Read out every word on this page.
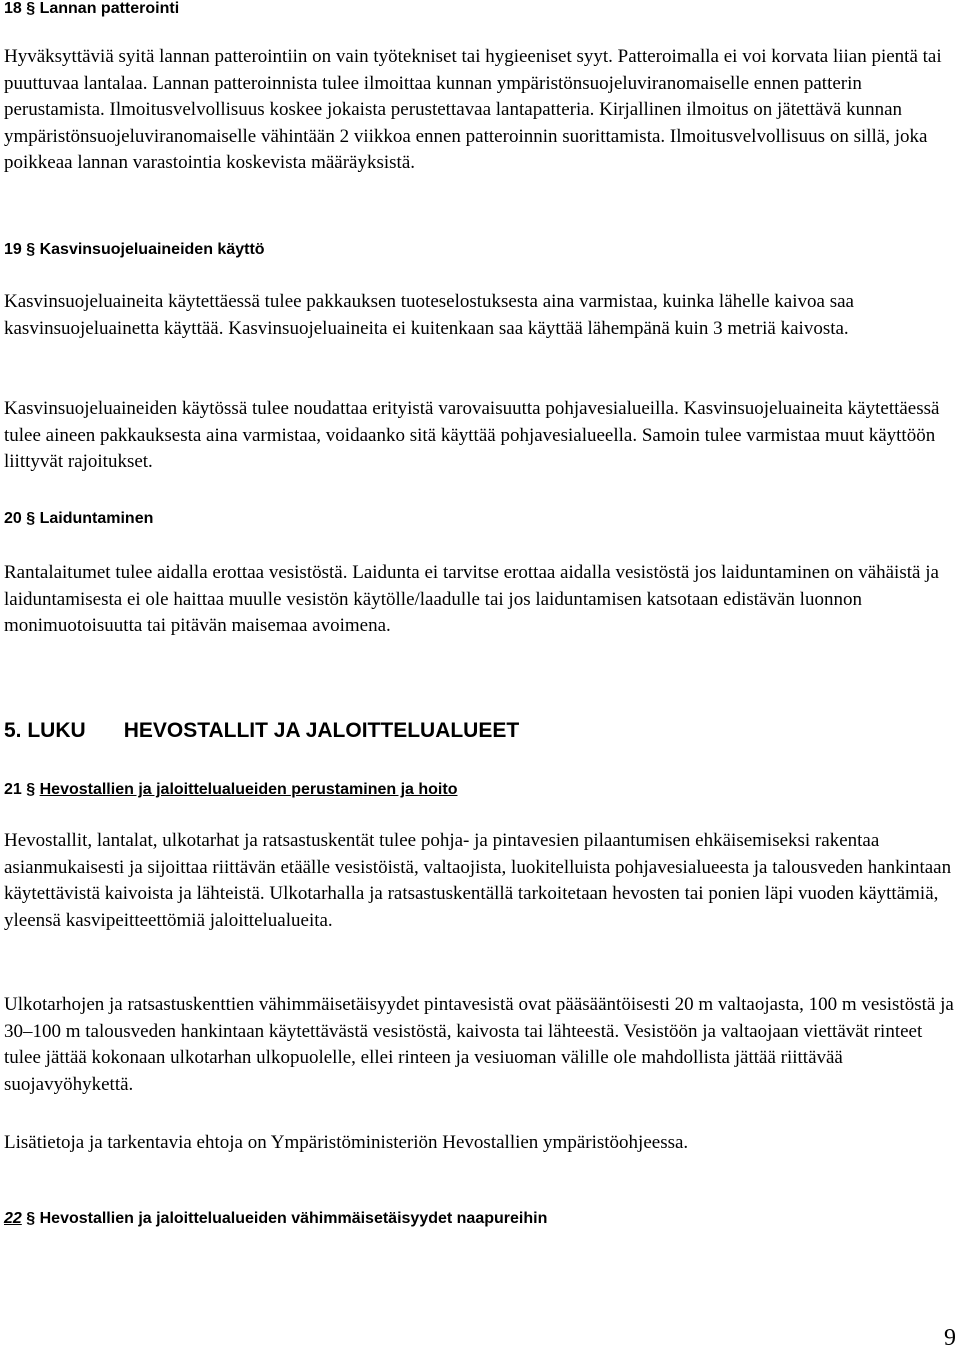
18 § Lannan patterointi

Hyväksyttäviä syitä lannan patterointiin on vain työtekniset tai hygieeniset syyt. Patteroimalla ei voi korvata liian pientä tai puuttuvaa lantalaa. Lannan patteroinnista tulee ilmoittaa kunnan ympäristönsuojeluviranomaiselle ennen patterin perustamista. Ilmoitusvelvollisuus koskee jokaista perustettavaa lantapatteria. Kirjallinen ilmoitus on jätettävä kunnan ympäristönsuojeluviranomaiselle vähintään 2 viikkoa ennen patteroinnin suorittamista. Ilmoitusvelvollisuus on sillä, joka poikkeaa lannan varastointia koskevista määräyksistä.

19 § Kasvinsuojeluaineiden käyttö

Kasvinsuojeluaineita käytettäessä tulee pakkauksen tuoteselostuksesta aina varmistaa, kuinka lähelle kaivoa saa kasvinsuojeluainetta käyttää. Kasvinsuojeluaineita ei kuitenkaan saa käyttää lähempänä kuin 3 metriä kaivosta.

Kasvinsuojeluaineiden käytössä tulee noudattaa erityistä varovaisuutta pohjavesialueilla. Kasvinsuojeluaineita käytettäessä tulee aineen pakkauksesta aina varmistaa, voidaanko sitä käyttää pohjavesialueella. Samoin tulee varmistaa muut käyttöön liittyvät rajoitukset.

20 § Laiduntaminen

Rantalaitumet tulee aidalla erottaa vesistöstä. Laidunta ei tarvitse erottaa aidalla vesistöstä jos laiduntaminen on vähäistä ja laiduntamisesta ei ole haittaa muulle vesistön käytölle/laadulle tai jos laiduntamisen katsotaan edistävän luonnon monimuotoisuutta tai pitävän maisemaa avoimena.

5. LUKU HEVOSTALLIT JA JALOITTELUALUEET
21 § Hevostallien ja jaloittelualueiden perustaminen ja hoito

Hevostallit, lantalat, ulkotarhat ja ratsastuskentät tulee pohja- ja pintavesien pilaantumisen ehkäisemiseksi rakentaa asianmukaisesti ja sijoittaa riittävän etäälle vesistöistä, valtaojista, luokitelluista pohjavesialueesta ja talousveden hankintaan käytettävistä kaivoista ja lähteistä. Ulkotarhalla ja ratsastuskentällä tarkoitetaan hevosten tai ponien läpi vuoden käyttämiä, yleensä kasvipeitteettömiä jaloittelualueita.

Ulkotarhojen ja ratsastuskenttien vähimmäisetäisyydet pintavesistä ovat pääsääntöisesti 20 m valtaojasta, 100 m vesistöstä ja 30–100 m talousveden hankintaan käytettävästä vesistöstä, kaivosta tai lähteestä. Vesistöön ja valtaojaan viettävät rinteet tulee jättää kokonaan ulkotarhan ulkopuolelle, ellei rinteen ja vesiuoman välille ole mahdollista jättää riittävää suojavyöhykettä.

Lisätietoja ja tarkentavia ehtoja on Ympäristöministeriön Hevostallien ympäristöohjeessa.

22 § Hevostallien ja jaloittelualueiden vähimmäisetäisyydet naapureihin
9
